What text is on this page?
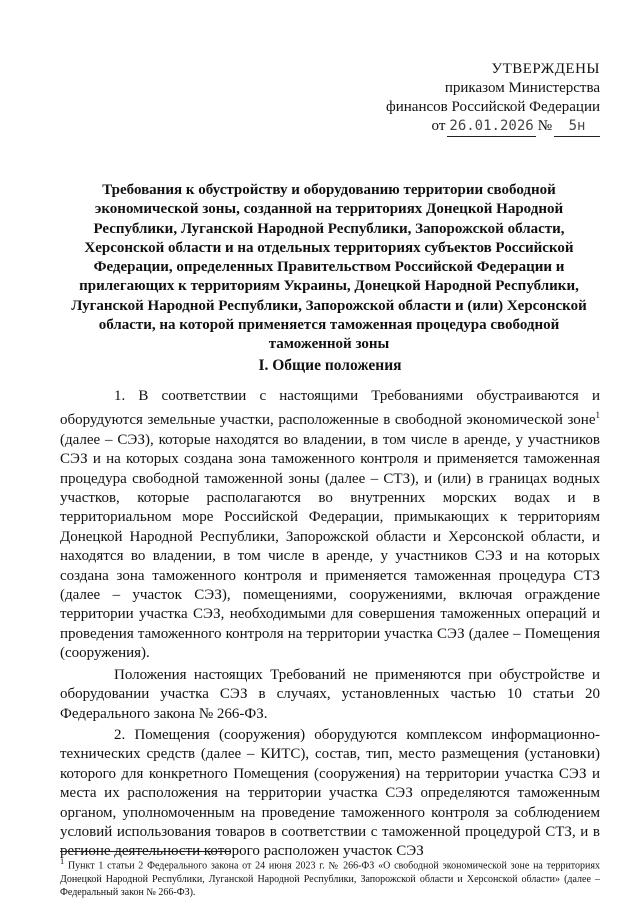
УТВЕРЖДЕНЫ
приказом Министерства
финансов Российской Федерации
от 26.01.2026 №	5н
Требования к обустройству и оборудованию территории свободной экономической зоны, созданной на территориях Донецкой Народной Республики, Луганской Народной Республики, Запорожской области, Херсонской области и на отдельных территориях субъектов Российской Федерации, определенных Правительством Российской Федерации и прилегающих к территориям Украины, Донецкой Народной Республики, Луганской Народной Республики, Запорожской области и (или) Херсонской области, на которой применяется таможенная процедура свободной таможенной зоны
I. Общие положения

1. В соответствии с настоящими Требованиями обустраиваются и оборудуются земельные участки, расположенные в свободной экономической зоне$^1$ (далее – СЭЗ), которые находятся во владении, в том числе в аренде, у участников СЭЗ и на которых создана зона таможенного контроля и применяется таможенная процедура свободной таможенной зоны (далее – СТЗ), и (или) в границах водных участков, которые располагаются во внутренних морских водах и в территориальном море Российской Федерации, примыкающих к территориям Донецкой Народной Республики, Запорожской области и Херсонской области, и находятся во владении, в том числе в аренде, у участников СЭЗ и на которых создана зона таможенного контроля и применяется таможенная процедура СТЗ (далее – участок СЭЗ), помещениями, сооружениями, включая ограждение территории участка СЭЗ, необходимыми для совершения таможенных операций и проведения таможенного контроля на территории участка СЭЗ (далее – Помещения (сооружения).

Положения настоящих Требований не применяются при обустройстве и оборудовании участка СЭЗ в случаях, установленных частью 10 статьи 20 Федерального закона № 266-ФЗ.

2. Помещения (сооружения) оборудуются комплексом информационно-технических средств (далее – КИТС), состав, тип, место размещения (установки) которого для конкретного Помещения (сооружения) на территории участка СЭЗ и места их расположения на территории участка СЭЗ определяются таможенным органом, уполномоченным на проведение таможенного контроля за соблюдением условий использования товаров в соответствии с таможенной процедурой СТЗ, и в регионе деятельности которого расположен участок СЭЗ

$^1$ Пункт 1 статьи 2 Федерального закона от 24 июня 2023 г. № 266-ФЗ «О свободной экономической зоне на территориях Донецкой Народной Республики, Луганской Народной Республики, Запорожской области и Херсонской области» (далее – Федеральный закон № 266-ФЗ).
